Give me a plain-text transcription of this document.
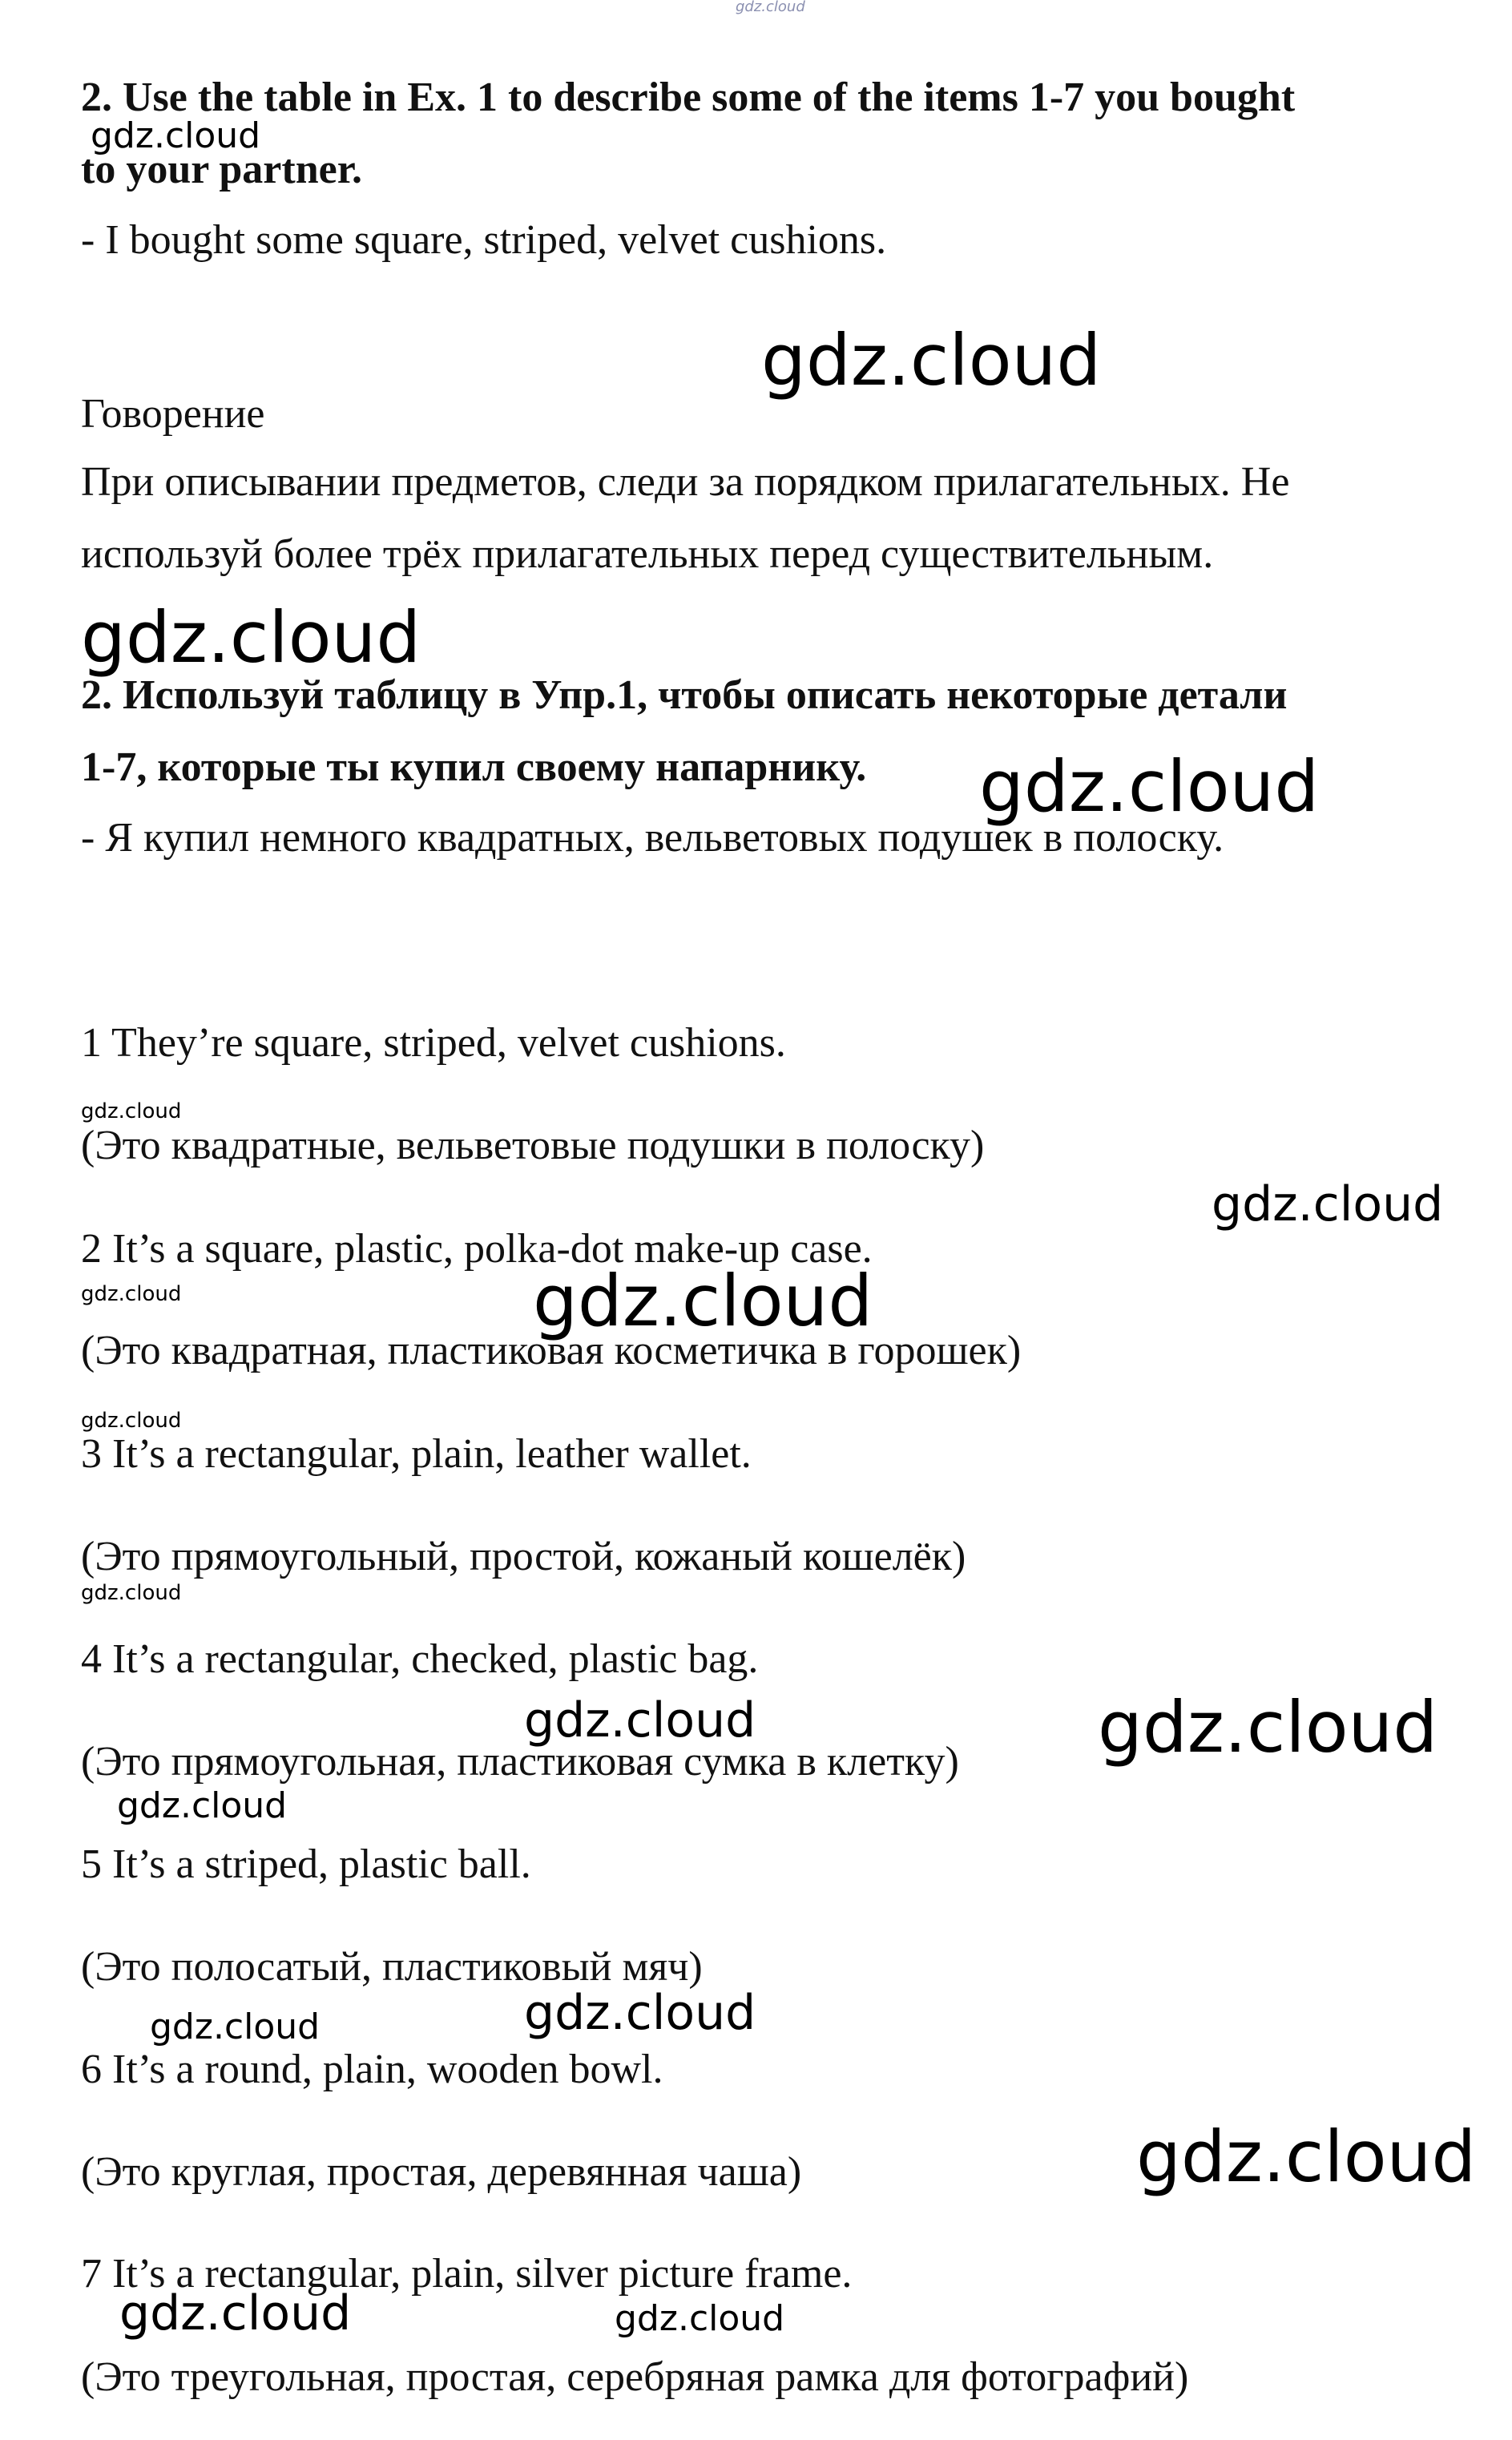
2. Use the table in Ex. 1 to describe some of the items 1-7 you bought

to your partner.

- I bought some square, striped, velvet cushions.

Говорение

При описывании предметов, следи за порядком прилагательных. Не

используй более трёх прилагательных перед существительным.

2. Используй таблицу в Упр.1, чтобы описать некоторые детали

1-7, которые ты купил своему напарнику.

- Я купил немного квадратных, вельветовых подушек в полоску.

1 They’re square, striped, velvet cushions.

(Это квадратные, вельветовые подушки в полоску)

2 It’s a square, plastic, polka-dot make-up case.

(Это квадратная, пластиковая косметичка в горошек)

3 It’s a rectangular, plain, leather wallet.

(Это прямоугольный, простой, кожаный кошелёк)

4 It’s a rectangular, checked, plastic bag.

(Это прямоугольная, пластиковая сумка в клетку)

5 It’s a striped, plastic ball.

(Это полосатый, пластиковый мяч)

6 It’s a round, plain, wooden bowl.

(Это круглая, простая, деревянная чаша)

7 It’s a rectangular, plain, silver picture frame.

(Это треугольная, простая, серебряная рамка для фотографий)

gdz.cloud

gdz.cloud

gdz.cloud

gdz.cloud

gdz.cloud

gdz.cloud

gdz.cloud

gdz.cloud	gdz.cloud

gdz.cloud

gdz.cloud

gdz.cloud	gdz.cloud

gdz.cloud

gdz.cloud

gdz.cloud

gdz.cloud

gdz.cloud	gdz.cloud
